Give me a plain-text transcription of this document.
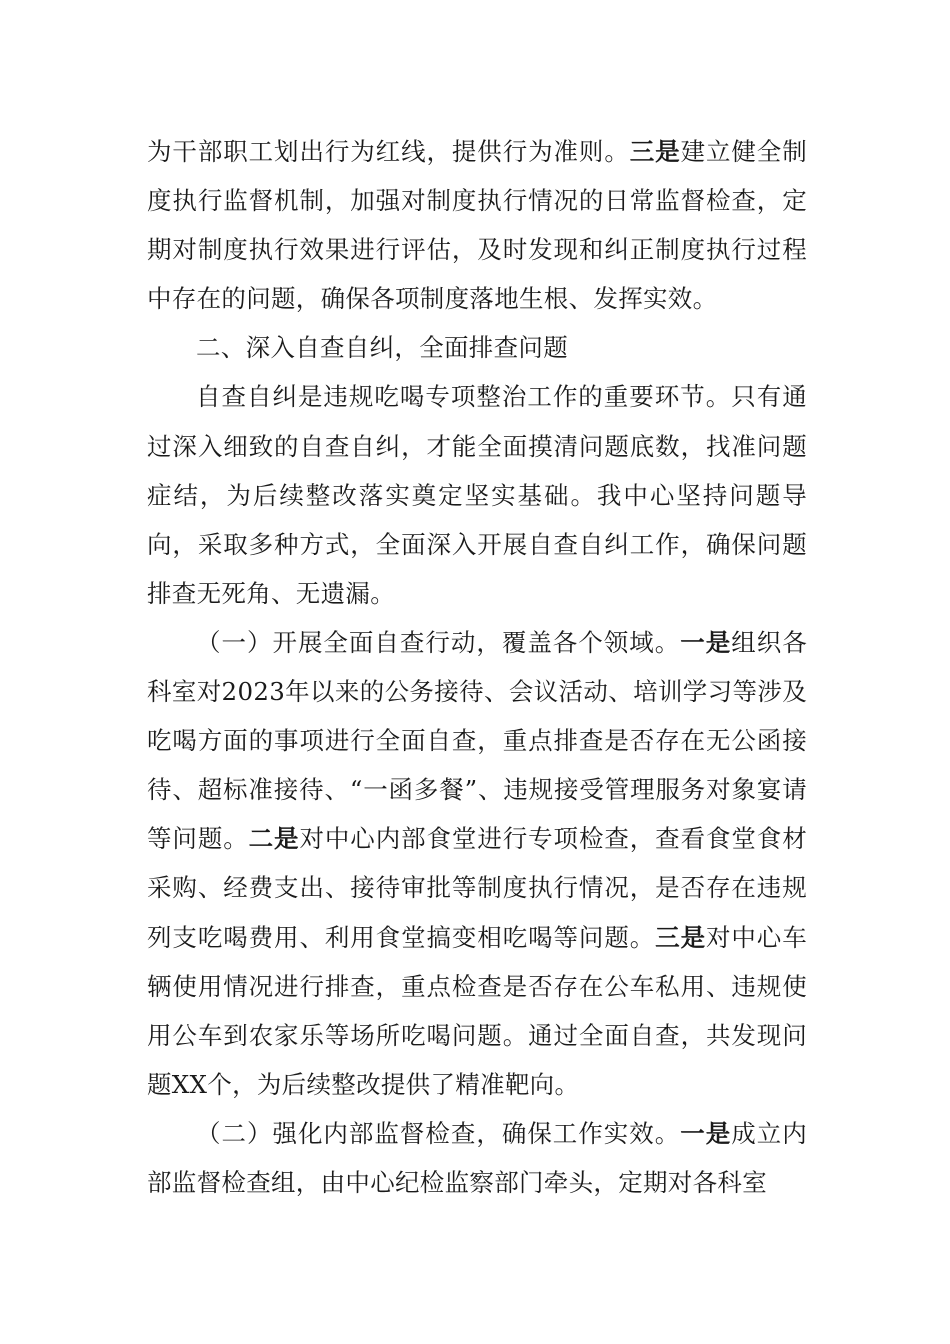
为干部职工划出行为红线，提供行为准则。三是建立健全制度执行监督机制，加强对制度执行情况的日常监督检查，定期对制度执行效果进行评估，及时发现和纠正制度执行过程中存在的问题，确保各项制度落地生根、发挥实效。

二、深入自查自纠，全面排查问题

自查自纠是违规吃喝专项整治工作的重要环节。只有通过深入细致的自查自纠，才能全面摸清问题底数，找准问题症结，为后续整改落实奠定坚实基础。我中心坚持问题导向，采取多种方式，全面深入开展自查自纠工作，确保问题排查无死角、无遗漏。

（一）开展全面自查行动，覆盖各个领域。一是组织各科室对2023年以来的公务接待、会议活动、培训学习等涉及吃喝方面的事项进行全面自查，重点排查是否存在无公函接待、超标准接待、“一函多餐”、违规接受管理服务对象宴请等问题。二是对中心内部食堂进行专项检查，查看食堂食材采购、经费支出、接待审批等制度执行情况，是否存在违规列支吃喝费用、利用食堂搞变相吃喝等问题。三是对中心车辆使用情况进行排查，重点检查是否存在公车私用、违规使用公车到农家乐等场所吃喝问题。通过全面自查，共发现问题XX个，为后续整改提供了精准靶向。

（二）强化内部监督检查，确保工作实效。一是成立内部监督检查组，由中心纪检监察部门牵头，定期对各科室
